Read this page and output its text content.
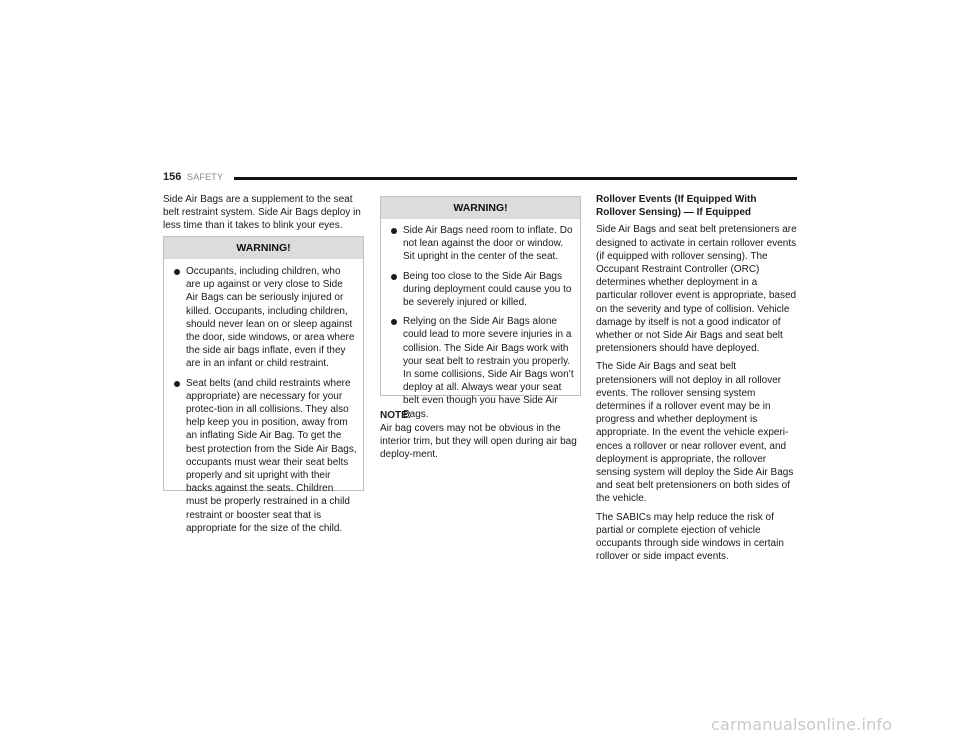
156 SAFETY

Side Air Bags are a supplement to the seat belt restraint system. Side Air Bags deploy in less time than it takes to blink your eyes.

WARNING!
Occupants, including children, who are up against or very close to Side Air Bags can be seriously injured or killed. Occupants, including children, should never lean on or sleep against the door, side windows, or area where the side air bags inflate, even if they are in an infant or child restraint.
Seat belts (and child restraints where appropriate) are necessary for your protec-tion in all collisions. They also help keep you in position, away from an inflating Side Air Bag. To get the best protection from the Side Air Bags, occupants must wear their seat belts properly and sit upright with their backs against the seats. Children must be properly restrained in a child restraint or booster seat that is appropriate for the size of the child.
WARNING!
Side Air Bags need room to inflate. Do not lean against the door or window. Sit upright in the center of the seat.
Being too close to the Side Air Bags during deployment could cause you to be severely injured or killed.
Relying on the Side Air Bags alone could lead to more severe injuries in a collision. The Side Air Bags work with your seat belt to restrain you properly. In some collisions, Side Air Bags won’t deploy at all. Always wear your seat belt even though you have Side Air Bags.
NOTE:

Air bag covers may not be obvious in the interior trim, but they will open during air bag deploy-ment.

Rollover Events (If Equipped With Rollover Sensing) — If Equipped

Side Air Bags and seat belt pretensioners are designed to activate in certain rollover events (if equipped with rollover sensing). The Occupant Restraint Controller (ORC) determines whether deployment in a particular rollover event is appropriate, based on the severity and type of collision. Vehicle damage by itself is not a good indicator of whether or not Side Air Bags and seat belt pretensioners should have deployed.

The Side Air Bags and seat belt pretensioners will not deploy in all rollover events. The rollover sensing system determines if a rollover event may be in progress and whether deployment is appropriate. In the event the vehicle experi-ences a rollover or near rollover event, and deployment is appropriate, the rollover sensing system will deploy the Side Air Bags and seat belt pretensioners on both sides of the vehicle.

The SABICs may help reduce the risk of partial or complete ejection of vehicle occupants through side windows in certain rollover or side impact events.

carmanualsonline.info
